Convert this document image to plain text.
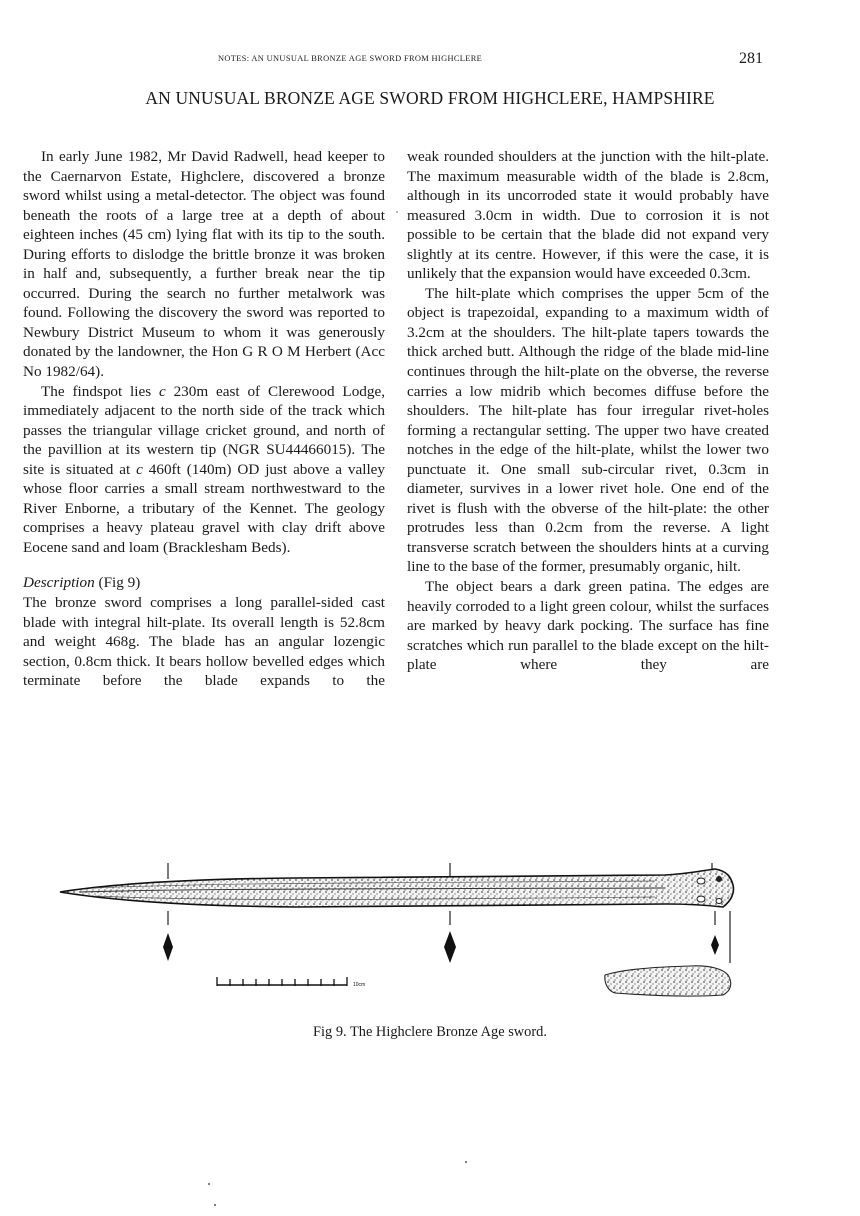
NOTES: AN UNUSUAL BRONZE AGE SWORD FROM HIGHCLERE	281
AN UNUSUAL BRONZE AGE SWORD FROM HIGHCLERE, HAMPSHIRE

In early June 1982, Mr David Radwell, head keeper to the Caernarvon Estate, Highclere, discovered a bronze sword whilst using a metal-detector. The object was found beneath the roots of a large tree at a depth of about eighteen inches (45 cm) lying flat with its tip to the south. During efforts to dislodge the brittle bronze it was broken in half and, subsequently, a further break near the tip occurred. During the search no further metalwork was found. Following the discovery the sword was reported to Newbury District Museum to whom it was generously donated by the landowner, the Hon G R O M Herbert (Acc No 1982/64).

The findspot lies c 230m east of Clerewood Lodge, immediately adjacent to the north side of the track which passes the triangular village cricket ground, and north of the pavillion at its western tip (NGR SU44466015). The site is situated at c 460ft (140m) OD just above a valley whose floor carries a small stream northwestward to the River Enborne, a tributary of the Kennet. The geology comprises a heavy plateau gravel with clay drift above Eocene sand and loam (Bracklesham Beds).

Description (Fig 9)

The bronze sword comprises a long parallel-sided cast blade with integral hilt-plate. Its overall length is 52.8cm and weight 468g. The blade has an angular lozengic section, 0.8cm thick. It bears hollow bevelled edges which terminate before the blade expands to the

weak rounded shoulders at the junction with the hilt-plate. The maximum measurable width of the blade is 2.8cm, although in its uncorroded state it would probably have measured 3.0cm in width. Due to corrosion it is not possible to be certain that the blade did not expand very slightly at its centre. However, if this were the case, it is unlikely that the expansion would have exceeded 0.3cm.

The hilt-plate which comprises the upper 5cm of the object is trapezoidal, expanding to a maximum width of 3.2cm at the shoulders. The hilt-plate tapers towards the thick arched butt. Although the ridge of the blade mid-line continues through the hilt-plate on the obverse, the reverse carries a low midrib which becomes diffuse before the shoulders. The hilt-plate has four irregular rivet-holes forming a rectangular setting. The upper two have created notches in the edge of the hilt-plate, whilst the lower two punctuate it. One small sub-circular rivet, 0.3cm in diameter, survives in a lower rivet hole. One end of the rivet is flush with the obverse of the hilt-plate: the other protrudes less than 0.2cm from the reverse. A light transverse scratch between the shoulders hints at a curving line to the base of the former, presumably organic, hilt.

The object bears a dark green patina. The edges are heavily corroded to a light green colour, whilst the surfaces are marked by heavy dark pocking. The surface has fine scratches which run parallel to the blade except on the hilt-plate where they are

10cm
Fig 9. The Highclere Bronze Age sword.
